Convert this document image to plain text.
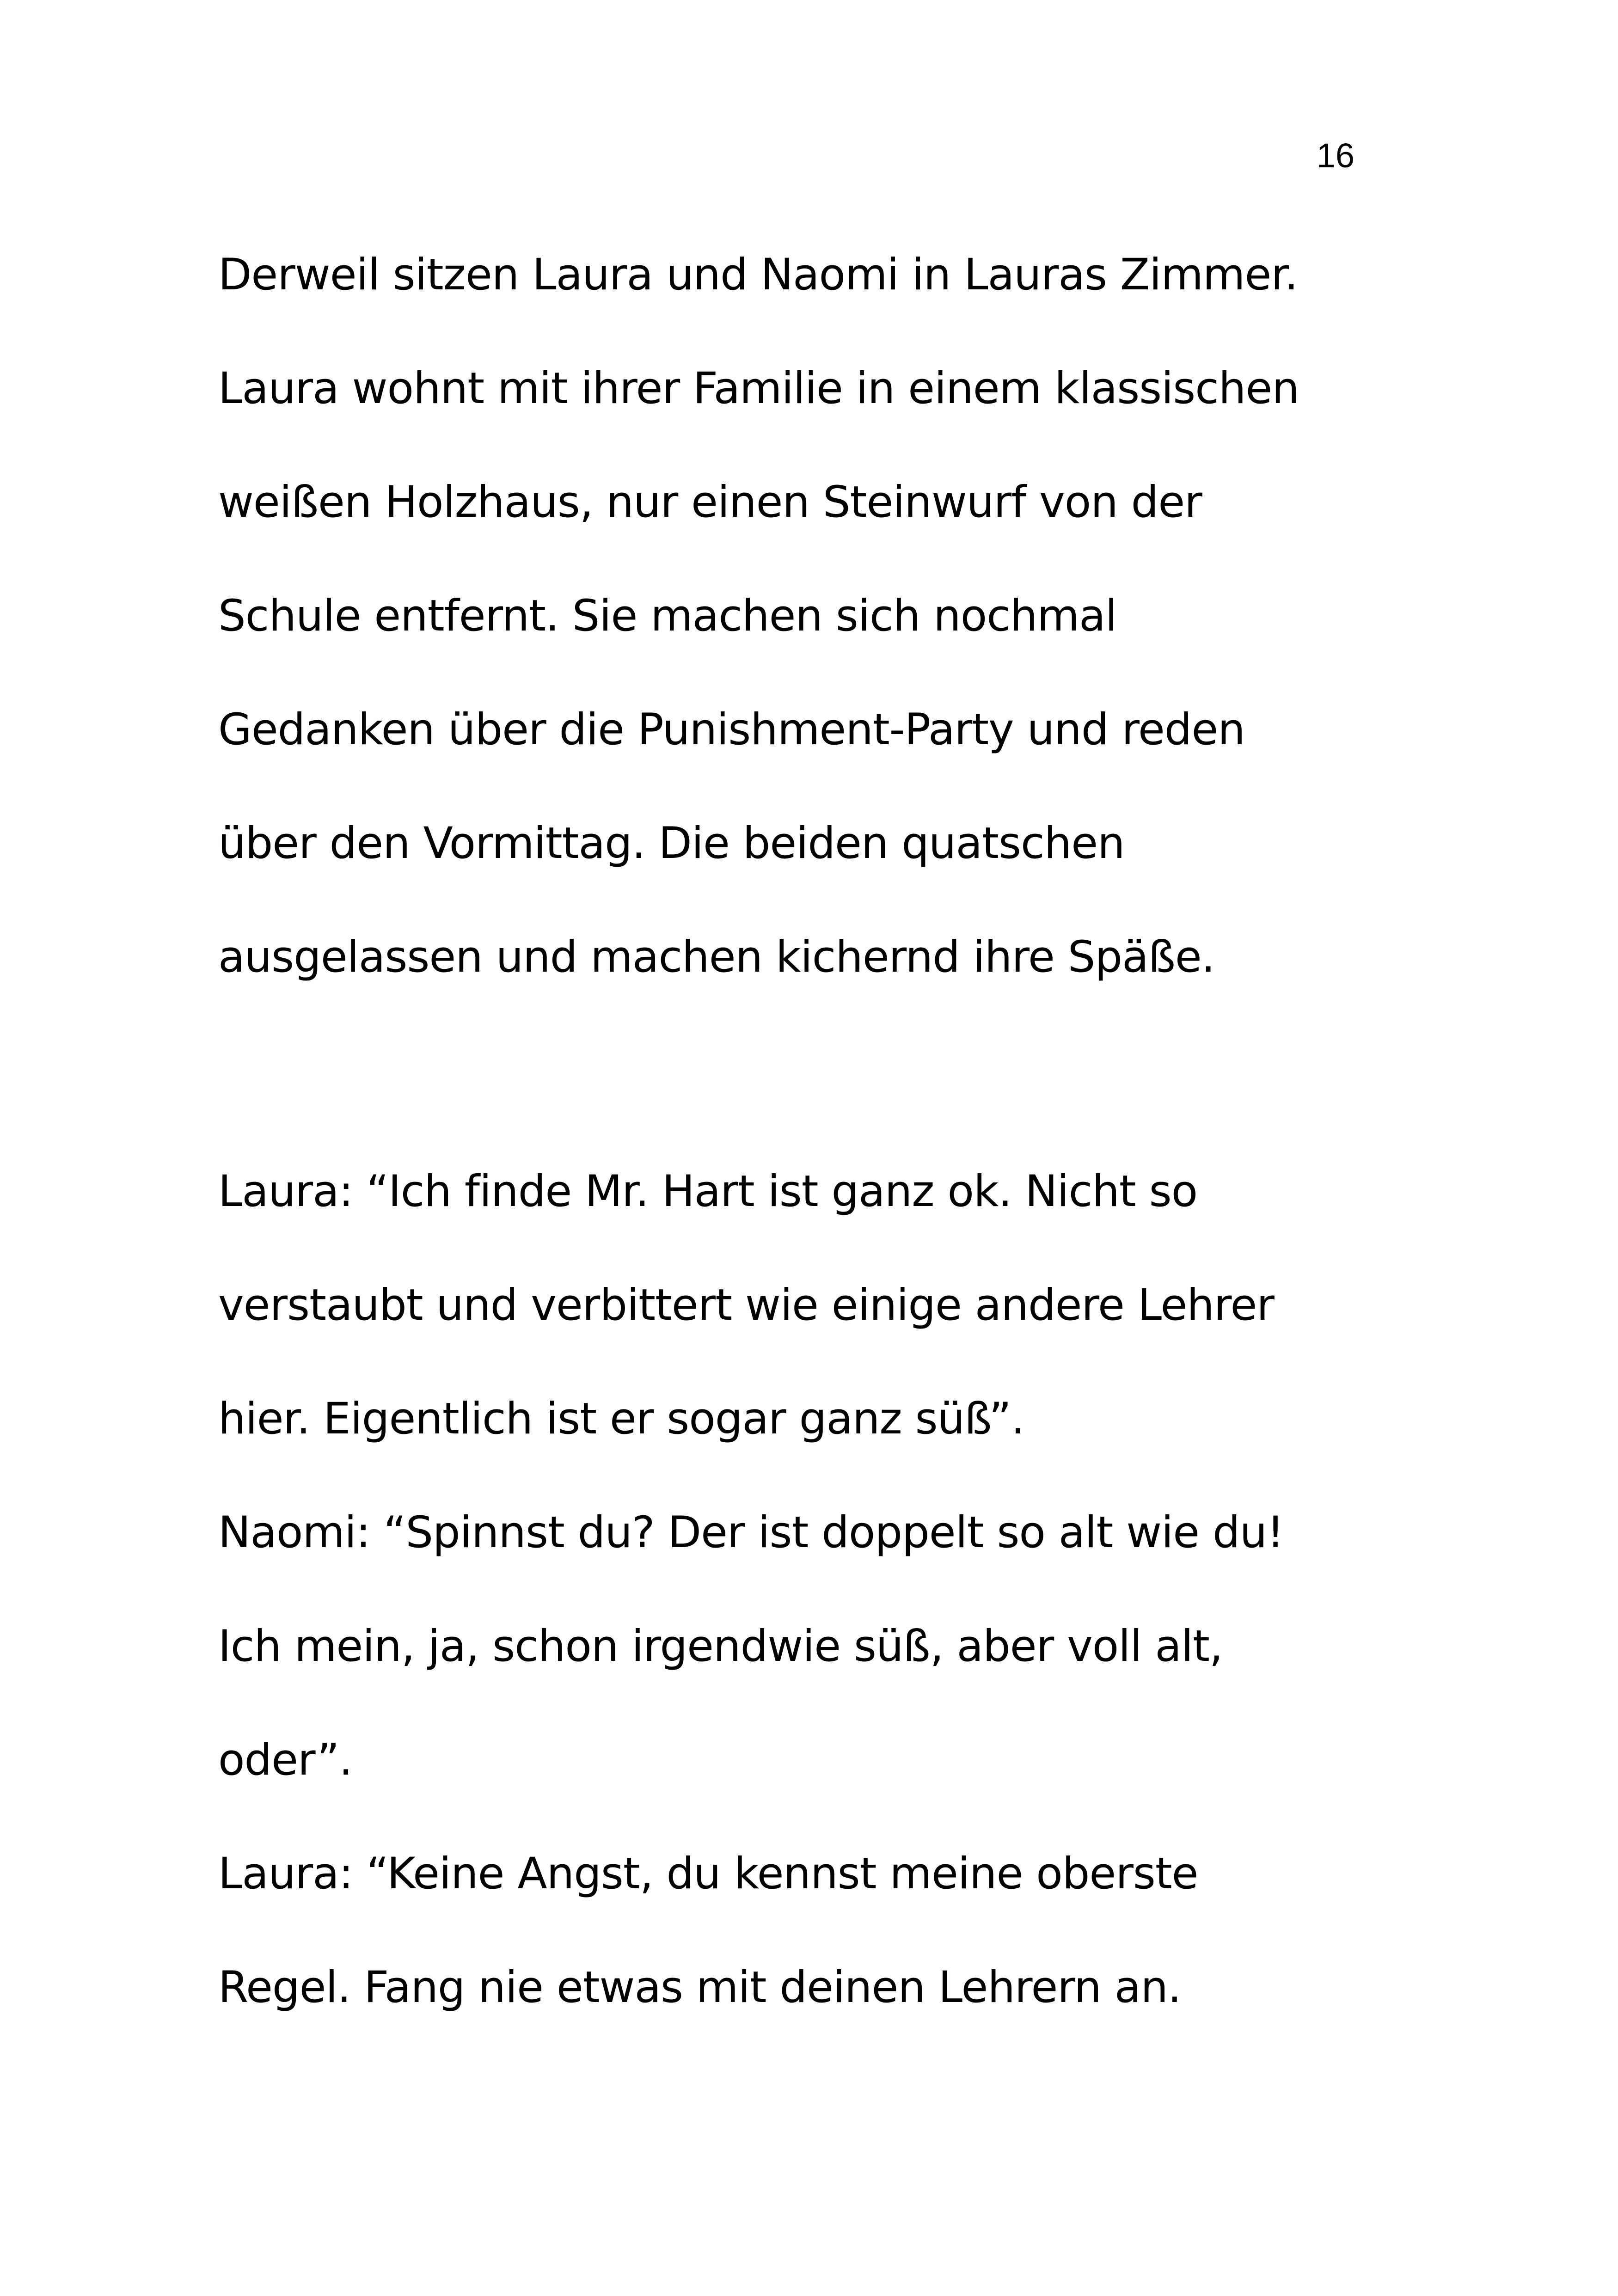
16
Derweil sitzen Laura und Naomi in Lauras Zimmer.
Laura wohnt mit ihrer Familie in einem klassischen
weißen Holzhaus, nur einen Steinwurf von der
Schule entfernt. Sie machen sich nochmal
Gedanken über die Punishment-Party und reden
über den Vormittag. Die beiden quatschen
ausgelassen und machen kichernd ihre Späße.
Laura: “Ich finde Mr. Hart ist ganz ok. Nicht so
verstaubt und verbittert wie einige andere Lehrer
hier. Eigentlich ist er sogar ganz süß”.
Naomi: “Spinnst du? Der ist doppelt so alt wie du!
Ich mein, ja, schon irgendwie süß, aber voll alt,
oder”.
Laura: “Keine Angst, du kennst meine oberste
Regel. Fang nie etwas mit deinen Lehrern an.
